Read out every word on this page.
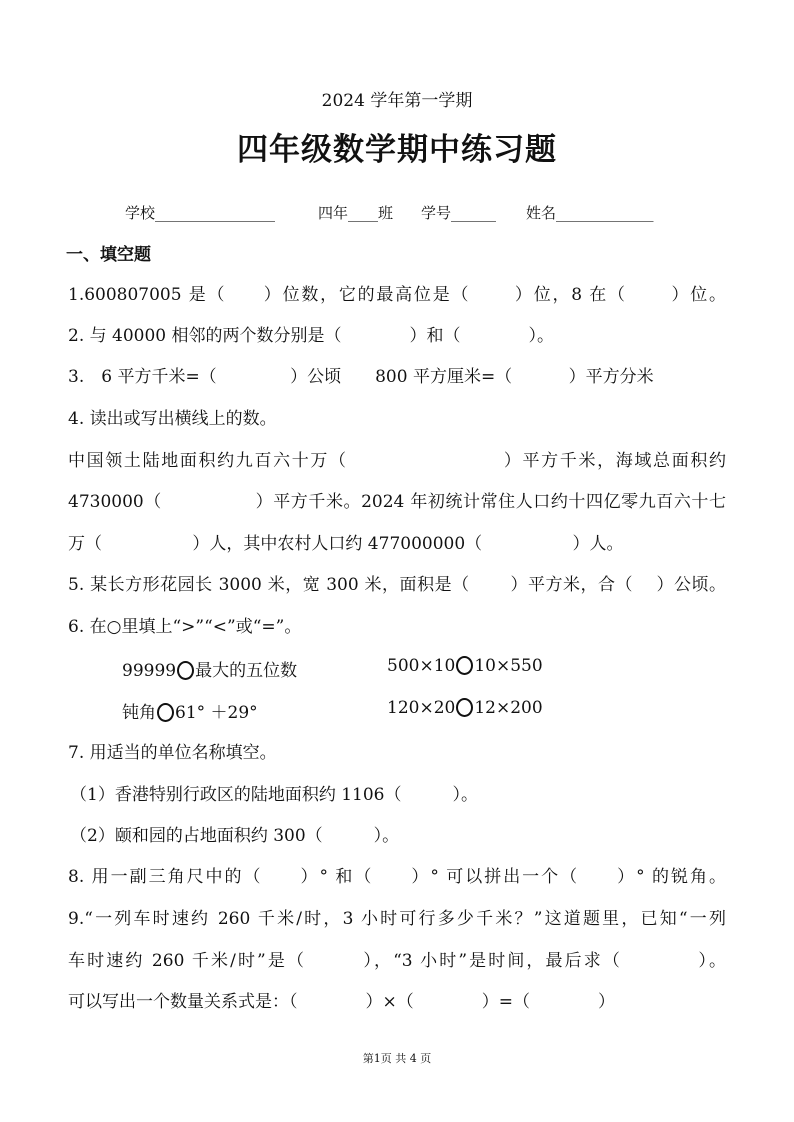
2024 学年第一学期
四年级数学期中练习题
学校________________	四年____班 学号______ 姓名_____________
一、填空题
1.600807005 是（　　）位数，它的最高位是（　　 ）位，8 在（　　 ）位。
2. 与 40000 相邻的两个数分别是（　　　　）和（　　　　）。
3.　6 平方千米=（　　　　 ）公顷　　800 平方厘米=（　　　 ）平方分米
4. 读出或写出横线上的数。
中国领土陆地面积约九百六十万（　　　　　　　　 ）平方千米，海域总面积约
4730000（　　　　　 ）平方千米。2024 年初统计常住人口约十四亿零九百六十七
万（　　　　　 ）人，其中农村人口约 477000000（　　　　　 ）人。
5. 某长方形花园长 3000 米，宽 300 米，面积是（　　 ）平方米，合（　 ）公顷。
6. 在○里填上“>”“<”或“=”。
99999 最大的五位数	500×10 10×550
钝角 61° ＋29°	120×20 12×200
7. 用适当的单位名称填空。
（1）香港特别行政区的陆地面积约 1106（　　　）。
（2）颐和园的占地面积约 300（　　　）。
8. 用一副三角尺中的（　　）° 和（　　）° 可以拼出一个（　　）° 的锐角。
9.“一列车时速约 260 千米/时，3 小时可行多少千米？”这道题里，已知“一列
车时速约 260 千米/时”是（　　　），“3 小时”是时间，最后求（　　　　）。
可以写出一个数量关系式是：（　　　　）×（　　　　）=（　　　　）
第1页 共 4 页
